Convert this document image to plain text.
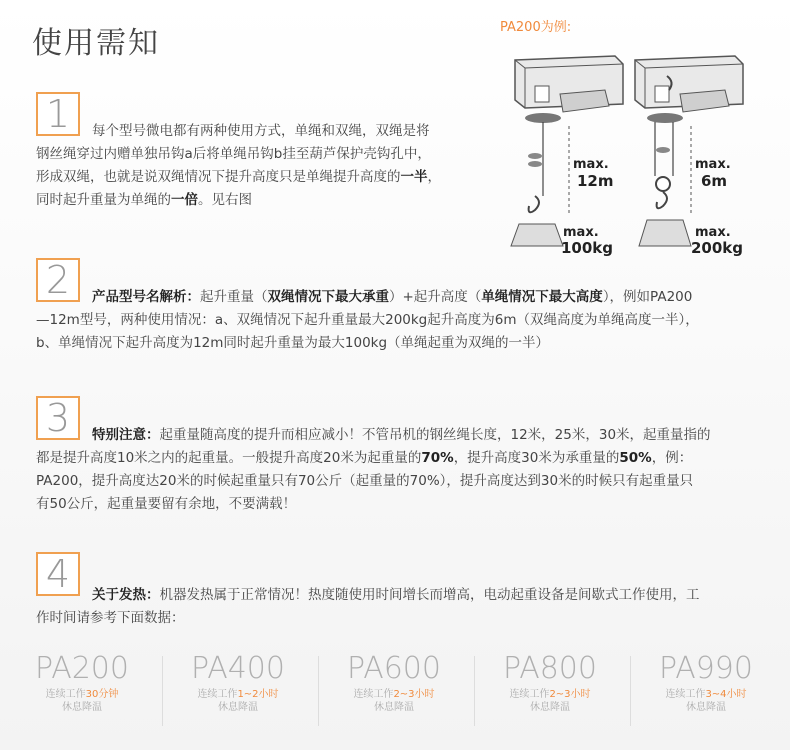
使用需知	PA200为例:
max.
12m
max.
100kg
max.
6m
max.
200kg
1	每个型号微电都有两种使用方式，单绳和双绳，双绳是将
钢丝绳穿过内赠单独吊钩a后将单绳吊钩b挂至葫芦保护壳钩孔中，
形成双绳，也就是说双绳情况下提升高度只是单绳提升高度的一半，
同时起升重量为单绳的一倍。见右图
2	产品型号名解析：起升重量（双绳情况下最大承重）+起升高度（单绳情况下最大高度），例如PA200
—12m型号，两种使用情况：a、双绳情况下起升重量最大200kg起升高度为6m（双绳高度为单绳高度一半），
b、单绳情况下起升高度为12m同时起升重量为最大100kg（单绳起重为双绳的一半）
3	特别注意：起重量随高度的提升而相应减小！不管吊机的钢丝绳长度，12米，25米，30米，起重量指的
都是提升高度10米之内的起重量。一般提升高度20米为起重量的70%，提升高度30米为承重量的50%，例：
PA200，提升高度达20米的时候起重量只有70公斤（起重量的70%），提升高度达到30米的时候只有起重量只
有50公斤，起重量要留有余地，不要满载！
4	关于发热：机器发热属于正常情况！热度随使用时间增长而增高，电动起重设备是间歇式工作使用，工
作时间请参考下面数据：
PA200
连续工作30分钟
休息降温
PA400
连续工作1~2小时
休息降温
PA600
连续工作2~3小时
休息降温
PA800
连续工作2~3小时
休息降温
PA990
连续工作3~4小时
休息降温
